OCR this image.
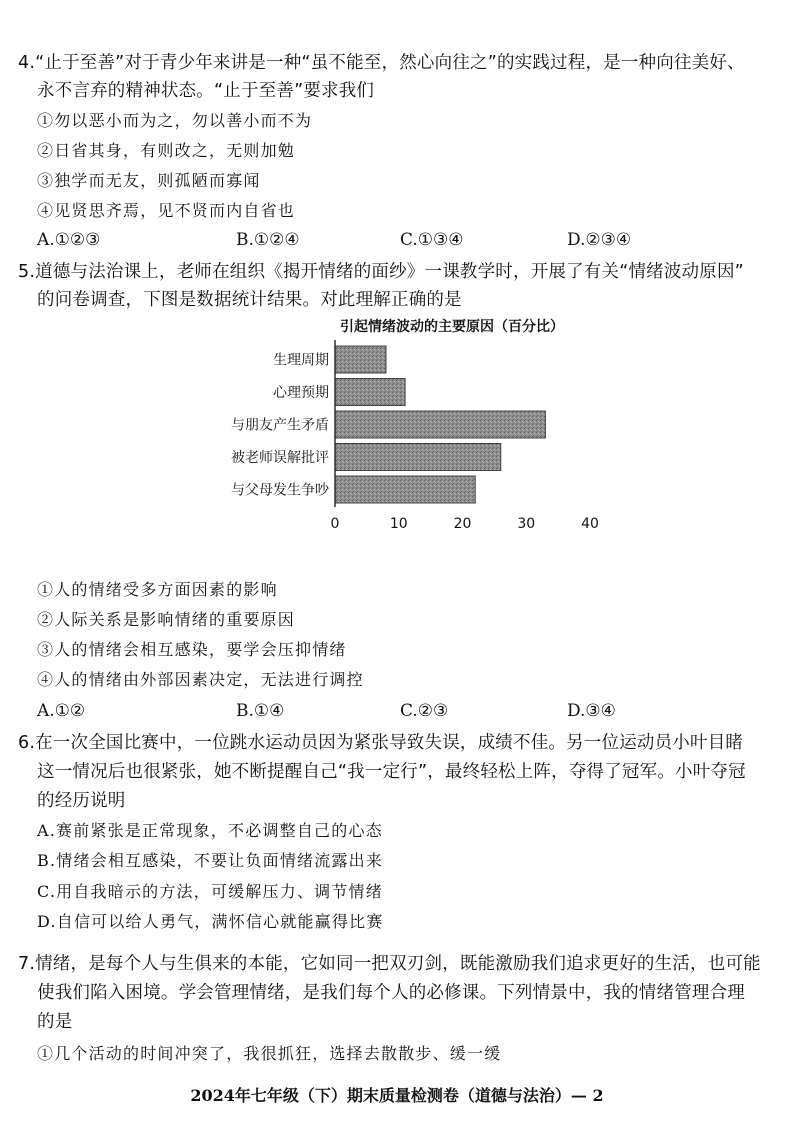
4.“止于至善”对于青少年来讲是一种“虽不能至，然心向往之”的实践过程，是一种向往美好、
永不言弃的精神状态。“止于至善”要求我们
①勿以恶小而为之，勿以善小而不为
②日省其身，有则改之，无则加勉
③独学而无友，则孤陋而寡闻
④见贤思齐焉，见不贤而内自省也
A.①②③	B.①②④	C.①③④	D.②③④
5.道德与法治课上，老师在组织《揭开情绪的面纱》一课教学时，开展了有关“情绪波动原因”
的问卷调查，下图是数据统计结果。对此理解正确的是
引起情绪波动的主要原因（百分比）
生理周期
心理预期
与朋友产生矛盾
被老师误解批评
与父母发生争吵
0	10	20	30	40
①人的情绪受多方面因素的影响
②人际关系是影响情绪的重要原因
③人的情绪会相互感染，要学会压抑情绪
④人的情绪由外部因素决定，无法进行调控
A.①②	B.①④	C.②③	D.③④
6.在一次全国比赛中，一位跳水运动员因为紧张导致失误，成绩不佳。另一位运动员小叶目睹
这一情况后也很紧张，她不断提醒自己“我一定行”，最终轻松上阵，夺得了冠军。小叶夺冠
的经历说明
A.赛前紧张是正常现象，不必调整自己的心态
B.情绪会相互感染，不要让负面情绪流露出来
C.用自我暗示的方法，可缓解压力、调节情绪
D.自信可以给人勇气，满怀信心就能赢得比赛
7.情绪，是每个人与生俱来的本能，它如同一把双刃剑，既能激励我们追求更好的生活，也可能
使我们陷入困境。学会管理情绪，是我们每个人的必修课。下列情景中，我的情绪管理合理
的是
①几个活动的时间冲突了，我很抓狂，选择去散散步、缓一缓
2024年七年级（下）期末质量检测卷（道德与法治）— 2
